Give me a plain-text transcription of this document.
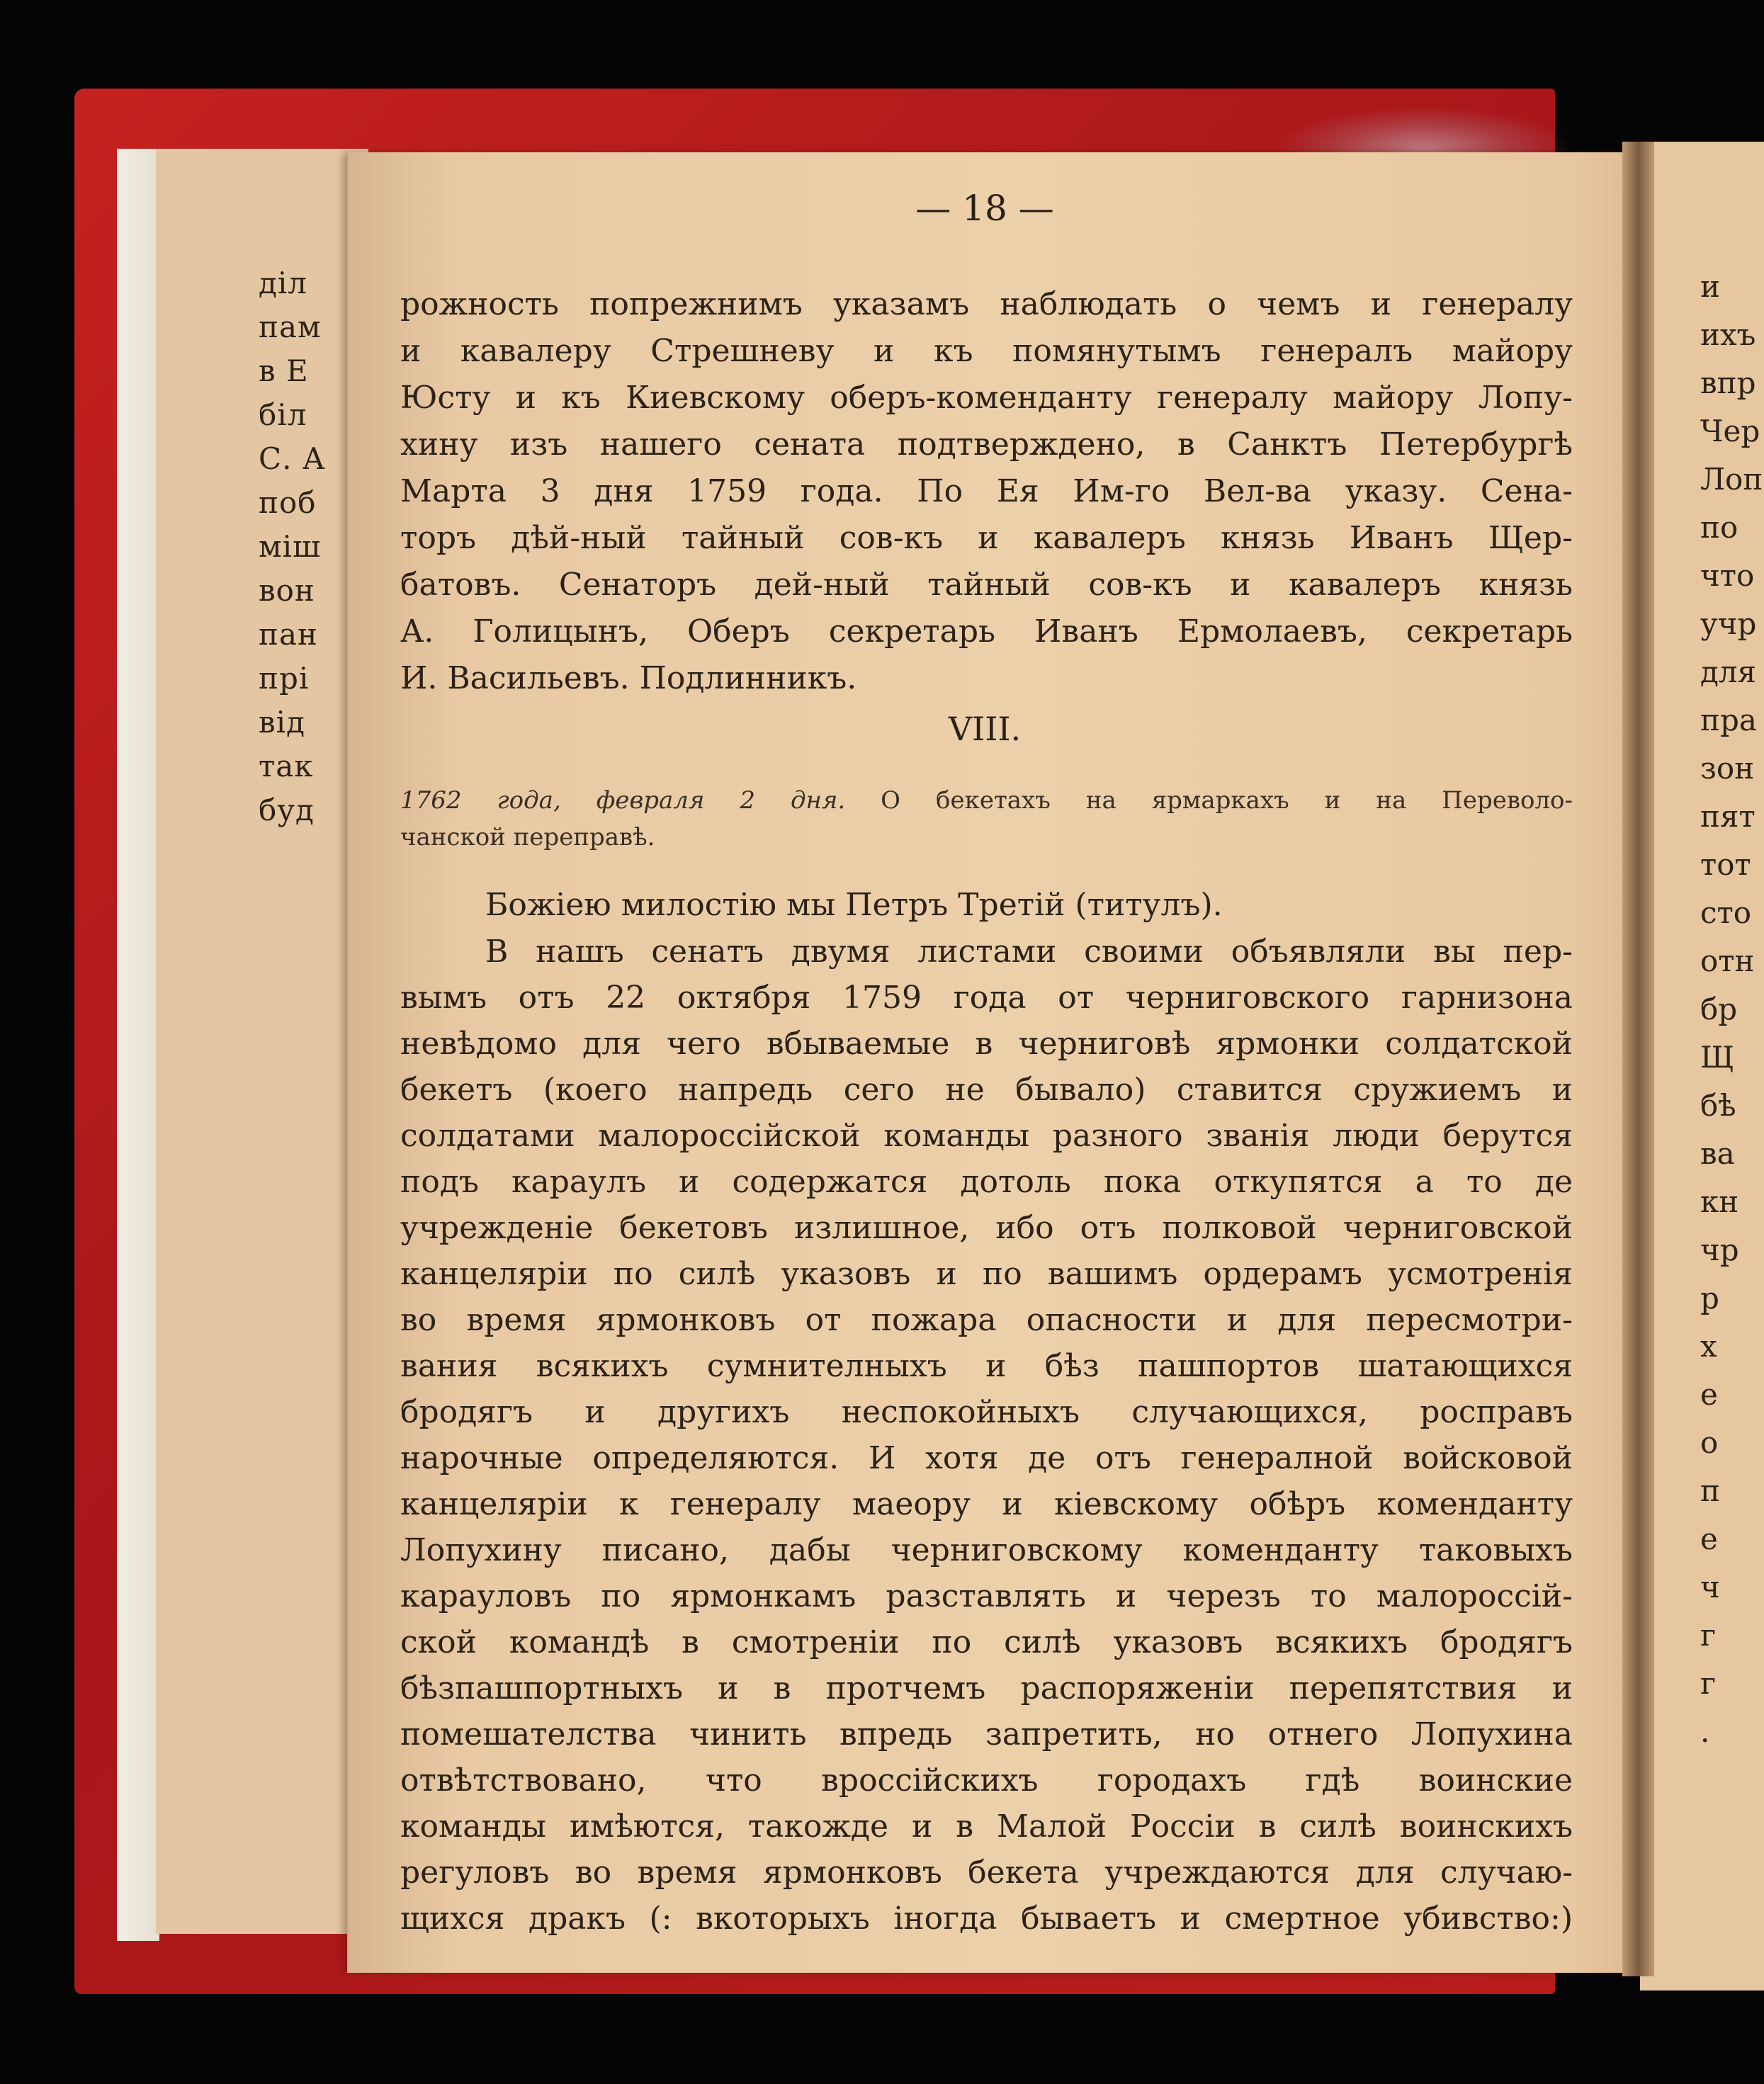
діл
пам
в Е
біл
С. А
поб
міш
вон
пан
прі
від
так
буд
и
ихъ
впр
Чер
Лоп
по
что
учр
для
пра
зон
пят
тот
сто
отн
бр
Щ
бѣ
ва
кн
чр
р
х
е
о
п
е
ч
г
г
.
— 18 —
рожность попрежнимъ указамъ наблюдать о чемъ и генералу
и кавалеру Стрешневу и къ помянутымъ генералъ майору
Юсту и къ Киевскому оберъ-коменданту генералу майору Лопу-
хину изъ нашего сената подтверждено, в Санктъ Петербургѣ
Марта 3 дня 1759 года. По Ея Им-го Вел-ва указу. Сена-
торъ дѣй-ный тайный сов-къ и кавалеръ князь Иванъ Щер-
батовъ. Сенаторъ дей-ный тайный сов-къ и кавалеръ князь
А. Голицынъ, Оберъ секретарь Иванъ Ермолаевъ, секретарь
И. Васильевъ. Подлинникъ.
VIII.
1762 года, февраля 2 дня. О бекетахъ на ярмаркахъ и на Переволо-
чанской переправѣ.
Божіею милостію мы Петръ Третій (титулъ).
В нашъ сенатъ двумя листами своими объявляли вы пер-
вымъ отъ 22 октября 1759 года от черниговского гарнизона
невѣдомо для чего вбываемые в черниговѣ ярмонки солдатской
бекетъ (коего напредь сего не бывало) ставится сружиемъ и
солдатами малороссійской команды разного званія люди берутся
подъ караулъ и содержатся дотоль пока откупятся а то де
учрежденіе бекетовъ излишное, ибо отъ полковой черниговской
канцеляріи по силѣ указовъ и по вашимъ ордерамъ усмотренія
во время ярмонковъ от пожара опасности и для пересмотри-
вания всякихъ сумнителныхъ и бѣз пашпортов шатающихся
бродягъ и другихъ неспокойныхъ случающихся, росправъ
нарочные определяются. И хотя де отъ генералной войсковой
канцеляріи к генералу маеору и кіевскому обѣръ коменданту
Лопухину писано, дабы черниговскому коменданту таковыхъ
карауловъ по ярмонкамъ разставлять и черезъ то малороссій-
ской командѣ в смотреніи по силѣ указовъ всякихъ бродягъ
бѣзпашпортныхъ и в протчемъ распоряженіи перепятствия и
помешателства чинить впредь запретить, но отнего Лопухина
отвѣтствовано, что вроссійскихъ городахъ гдѣ воинские
команды имѣются, такожде и в Малой Россіи в силѣ воинскихъ
регуловъ во время ярмонковъ бекета учреждаются для случаю-
щихся дракъ (: вкоторыхъ іногда бываетъ и смертное убивство:)
